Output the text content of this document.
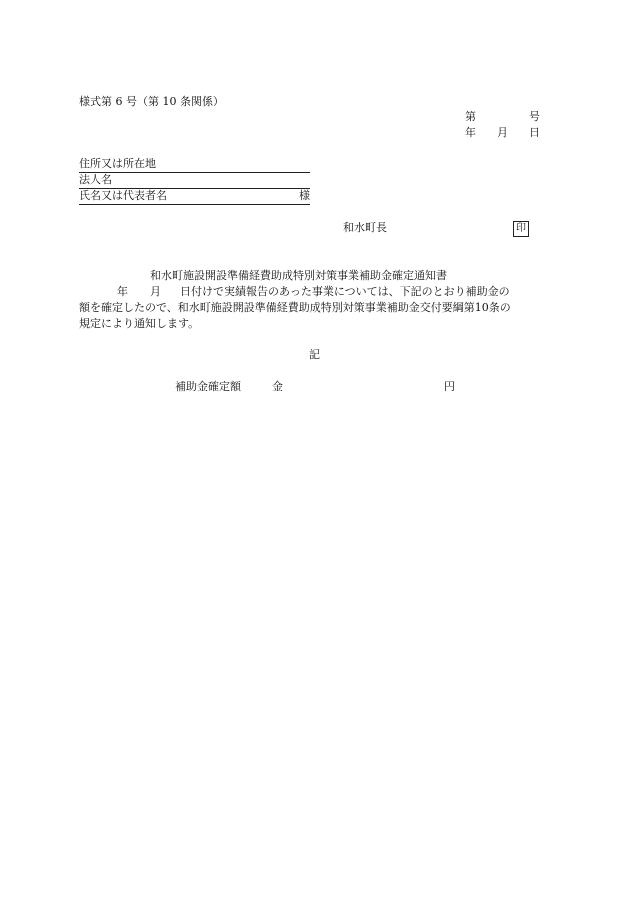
様式第 6 号（第 10 条関係）
第	号
年 月 日
住所又は所在地
法人名
氏名又は代表者名	様
和水町長	印
和水町施設開設準備経費助成特別対策事業補助金確定通知書
年 月 日付けで実績報告のあった事業については、下記のとおり補助金の
額を確定したので、和水町施設開設準備経費助成特別対策事業補助金交付要綱第10条の
規定により通知します。
記
補助金確定額	金	円
